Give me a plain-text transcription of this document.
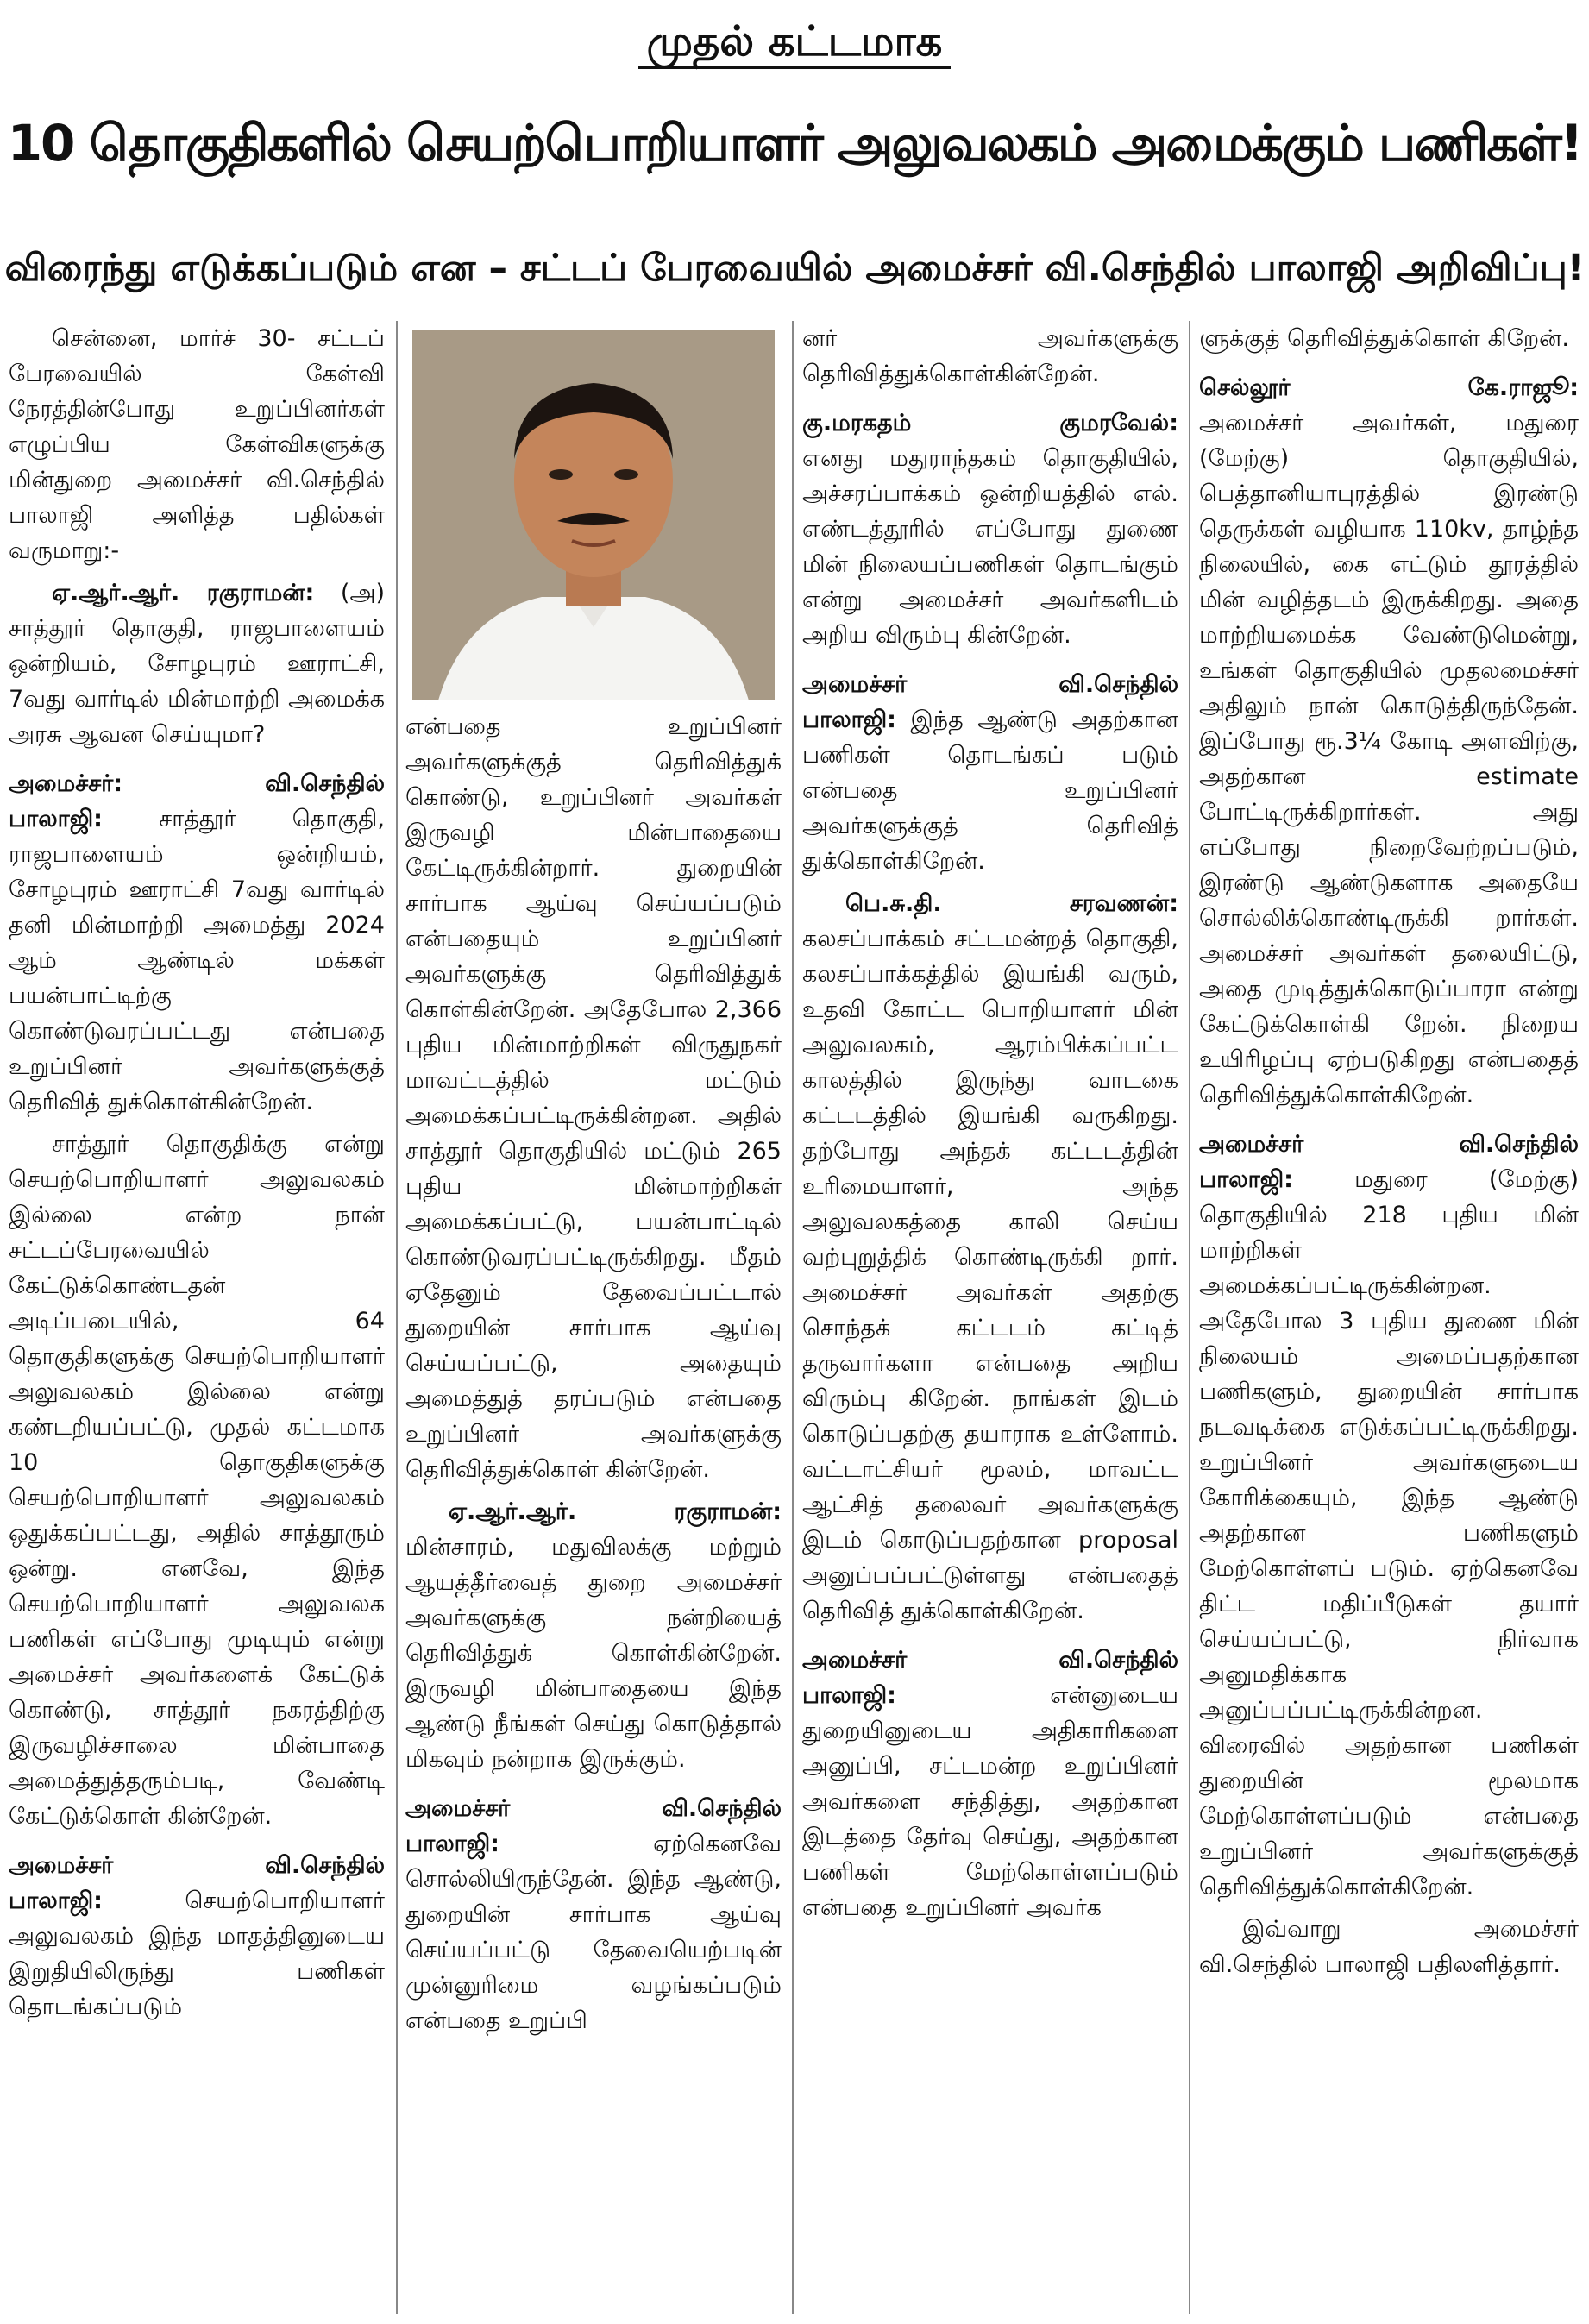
முதல் கட்டமாக
10 தொகுதிகளில் செயற்பொறியாளர் அலுவலகம் அமைக்கும் பணிகள்!
விரைந்து எடுக்கப்படும் என – சட்டப் பேரவையில் அமைச்சர் வி.செந்தில் பாலாஜி அறிவிப்பு!

சென்னை, மார்ச் 30- சட்டப் பேரவையில் கேள்வி நேரத்தின்போது உறுப்பினர்கள் எழுப்பிய கேள்விகளுக்கு மின்துறை அமைச்சர் வி.செந்தில் பாலாஜி அளித்த பதில்கள் வருமாறு:-

ஏ.ஆர்.ஆர். ரகுராமன்: (அ) சாத்தூர் தொகுதி, ராஜபாளையம் ஒன்றியம், சோழபுரம் ஊராட்சி, 7வது வார்டில் மின்மாற்றி அமைக்க அரசு ஆவன செய்யுமா?

அமைச்சர்:	வி.செந்தில்

பாலாஜி: சாத்தூர் தொகுதி, ராஜபாளையம் ஒன்றியம், சோழபுரம் ஊராட்சி 7வது வார்டில் தனி மின்மாற்றி அமைத்து 2024 ஆம் ஆண்டில் மக்கள் பயன்பாட்டிற்கு கொண்டுவரப்பட்டது என்பதை உறுப்பினர் அவர்களுக்குத் தெரிவித் துக்கொள்கின்றேன்.

சாத்தூர் தொகுதிக்கு என்று செயற்பொறியாளர் அலுவலகம் இல்லை என்ற நான் சட்டப்பேரவையில் கேட்டுக்கொண்டதன் அடிப்படையில், 64 தொகுதிகளுக்கு செயற்பொறியாளர் அலுவலகம் இல்லை என்று கண்டறியப்பட்டு, முதல் கட்டமாக 10 தொகுதிகளுக்கு செயற்பொறியாளர் அலுவலகம் ஒதுக்கப்பட்டது, அதில் சாத்தூரும் ஒன்று. எனவே, இந்த செயற்பொறியாளர் அலுவலக பணிகள் எப்போது முடியும் என்று அமைச்சர் அவர்களைக் கேட்டுக் கொண்டு, சாத்தூர் நகரத்திற்கு இருவழிச்சாலை மின்பாதை அமைத்துத்தரும்படி, வேண்டி கேட்டுக்கொள் கின்றேன்.

அமைச்சர்	வி.செந்தில்

பாலாஜி:	செயற்பொறியாளர் அலுவலகம் இந்த மாதத்தினுடைய இறுதியிலிருந்து பணிகள் தொடங்கப்படும்

என்பதை உறுப்பினர் அவர்களுக்குத் தெரிவித்துக் கொண்டு, உறுப்பினர் அவர்கள் இருவழி மின்பாதையை கேட்டிருக்கின்றார். துறையின் சார்பாக ஆய்வு செய்யப்படும் என்பதையும் உறுப்பினர் அவர்களுக்கு தெரிவித்துக் கொள்கின்றேன். அதேபோல 2,366 புதிய மின்மாற்றிகள் விருதுநகர் மாவட்டத்தில் மட்டும் அமைக்கப்பட்டிருக்கின்றன. அதில் சாத்தூர் தொகுதியில் மட்டும் 265 புதிய மின்மாற்றிகள் அமைக்கப்பட்டு, பயன்பாட்டில் கொண்டுவரப்பட்டிருக்கிறது. மீதம் ஏதேனும் தேவைப்பட்டால் துறையின் சார்பாக ஆய்வு செய்யப்பட்டு, அதையும் அமைத்துத் தரப்படும் என்பதை உறுப்பினர் அவர்களுக்கு தெரிவித்துக்கொள் கின்றேன்.

ஏ.ஆர்.ஆர். ரகுராமன்: மின்சாரம், மதுவிலக்கு மற்றும் ஆயத்தீர்வைத் துறை அமைச்சர் அவர்களுக்கு நன்றியைத் தெரிவித்துக் கொள்கின்றேன். இருவழி மின்பாதையை இந்த ஆண்டு நீங்கள் செய்து கொடுத்தால் மிகவும் நன்றாக இருக்கும்.

அமைச்சர்	வி.செந்தில்

பாலாஜி:	ஏற்கெனவே சொல்லியிருந்தேன். இந்த ஆண்டு, துறையின் சார்பாக ஆய்வு செய்யப்பட்டு தேவையெற்படின் முன்னுரிமை வழங்கப்படும் என்பதை உறுப்பி

னர் அவர்களுக்கு தெரிவித்துக்கொள்கின்றேன்.

கு.மரகதம்	குமரவேல்:

எனது மதுராந்தகம் தொகுதியில், அச்சரப்பாக்கம் ஒன்றியத்தில் எல். எண்டத்தூரில் எப்போது துணை மின் நிலையப்பணிகள் தொடங்கும் என்று அமைச்சர் அவர்களிடம் அறிய விரும்பு கின்றேன்.

அமைச்சர்	வி.செந்தில்

பாலாஜி: இந்த ஆண்டு அதற்கான பணிகள் தொடங்கப் படும் என்பதை உறுப்பினர் அவர்களுக்குத் தெரிவித் துக்கொள்கிறேன்.

பெ.சு.தி. சரவணன்: கலசப்பாக்கம் சட்டமன்றத் தொகுதி, கலசப்பாக்கத்தில் இயங்கி வரும், உதவி கோட்ட பொறியாளர் மின் அலுவலகம், ஆரம்பிக்கப்பட்ட காலத்தில் இருந்து வாடகை கட்டடத்தில் இயங்கி வருகிறது. தற்போது அந்தக் கட்டடத்தின் உரிமையாளர், அந்த அலுவலகத்தை காலி செய்ய வற்புறுத்திக் கொண்டிருக்கி றார். அமைச்சர் அவர்கள் அதற்கு சொந்தக் கட்டடம் கட்டித் தருவார்களா என்பதை அறிய விரும்பு கிறேன். நாங்கள் இடம் கொடுப்பதற்கு தயாராக உள்ளோம். வட்டாட்சியர் மூலம், மாவட்ட ஆட்சித் தலைவர் அவர்களுக்கு இடம் கொடுப்பதற்கான proposal அனுப்பப்பட்டுள்ளது என்பதைத் தெரிவித் துக்கொள்கிறேன்.

அமைச்சர்	வி.செந்தில்

பாலாஜி:	என்னுடைய துறையினுடைய அதிகாரிகளை அனுப்பி, சட்டமன்ற உறுப்பினர் அவர்களை சந்தித்து, அதற்கான இடத்தை தேர்வு செய்து, அதற்கான பணிகள் மேற்கொள்ளப்படும் என்பதை உறுப்பினர் அவர்க

ளுக்குத் தெரிவித்துக்கொள் கிறேன்.

செல்லூர்	கே.ராஜூ:

அமைச்சர் அவர்கள், மதுரை (மேற்கு) தொகுதியில், பெத்தானியாபுரத்தில் இரண்டு தெருக்கள் வழியாக 110kv, தாழ்ந்த நிலையில், கை எட்டும் தூரத்தில் மின் வழித்தடம் இருக்கிறது. அதை மாற்றியமைக்க வேண்டுமென்று, உங்கள் தொகுதியில் முதலமைச்சர் அதிலும் நான் கொடுத்திருந்தேன். இப்போது ரூ.3¼ கோடி அளவிற்கு, அதற்கான estimate போட்டிருக்கிறார்கள். அது எப்போது நிறைவேற்றப்படும், இரண்டு ஆண்டுகளாக அதையே சொல்லிக்கொண்டிருக்கி றார்கள். அமைச்சர் அவர்கள் தலையிட்டு, அதை முடித்துக்கொடுப்பாரா என்று கேட்டுக்கொள்கி றேன். நிறைய உயிரிழப்பு ஏற்படுகிறது என்பதைத் தெரிவித்துக்கொள்கிறேன்.

அமைச்சர்	வி.செந்தில்

பாலாஜி:	மதுரை (மேற்கு) தொகுதியில் 218 புதிய மின் மாற்றிகள் அமைக்கப்பட்டிருக்கின்றன. அதேபோல 3 புதிய துணை மின் நிலையம் அமைப்பதற்கான பணிகளும், துறையின் சார்பாக நடவடிக்கை எடுக்கப்பட்டிருக்கிறது. உறுப்பினர் அவர்களுடைய கோரிக்கையும், இந்த ஆண்டு அதற்கான பணிகளும் மேற்கொள்ளப் படும். ஏற்கெனவே திட்ட மதிப்பீடுகள் தயார் செய்யப்பட்டு, நிர்வாக அனுமதிக்காக அனுப்பப்பட்டிருக்கின்றன. விரைவில் அதற்கான பணிகள் துறையின் மூலமாக மேற்கொள்ளப்படும் என்பதை உறுப்பினர் அவர்களுக்குத் தெரிவித்துக்கொள்கிறேன்.

இவ்வாறு அமைச்சர் வி.செந்தில் பாலாஜி பதிலளித்தார்.
